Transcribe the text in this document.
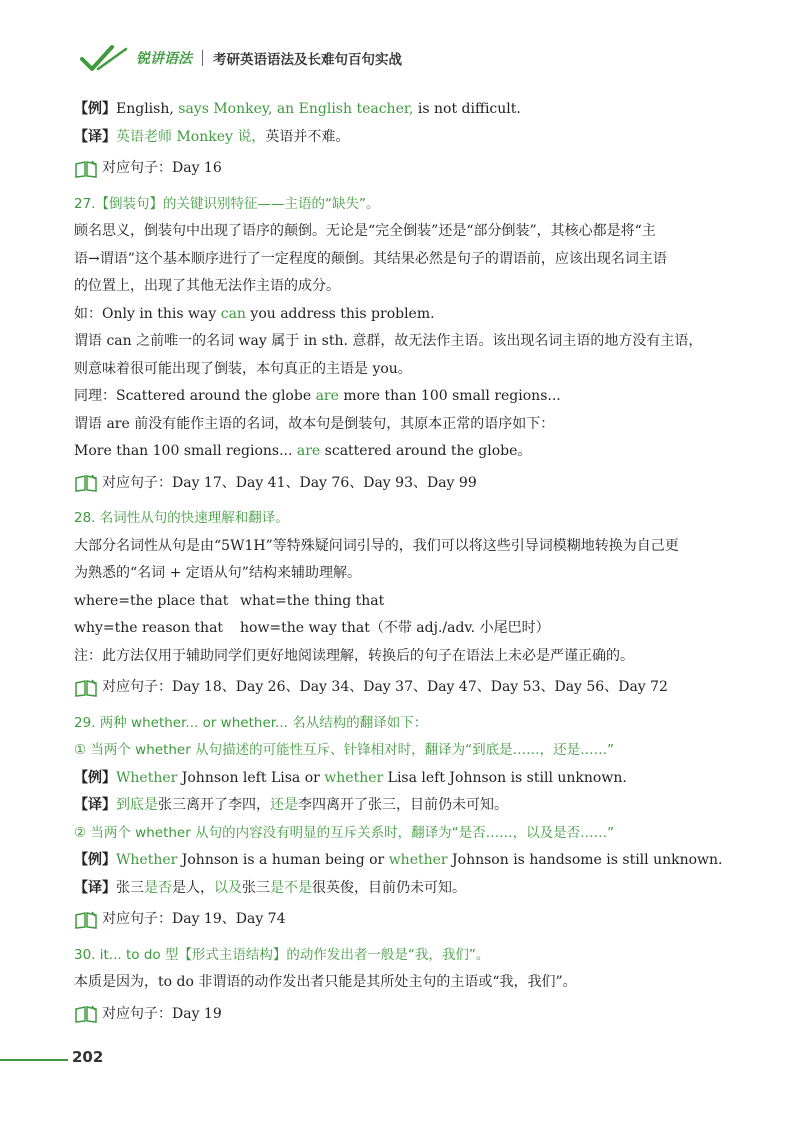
锐讲语法 考研英语语法及长难句百句实战
【例】English, says Monkey, an English teacher, is not difficult.
【译】英语老师 Monkey 说，英语并不难。
对应句子： Day 16
27.【倒装句】的关键识别特征——主语的“缺失”。
顾名思义，倒装句中出现了语序的颠倒。无论是“完全倒装”还是“部分倒装”，其核心都是将“主
语→谓语”这个基本顺序进行了一定程度的颠倒。其结果必然是句子的谓语前，应该出现名词主语
的位置上，出现了其他无法作主语的成分。
如：Only in this way can you address this problem.
谓语 can 之前唯一的名词 way 属于 in sth. 意群，故无法作主语。该出现名词主语的地方没有主语，
则意味着很可能出现了倒装，本句真正的主语是 you。
同理：Scattered around the globe are more than 100 small regions...
谓语 are 前没有能作主语的名词，故本句是倒装句，其原本正常的语序如下：
More than 100 small regions... are scattered around the globe。
对应句子： Day 17、Day 41、Day 76、Day 93、Day 99
28. 名词性从句的快速理解和翻译。
大部分名词性从句是由“5W1H”等特殊疑问词引导的，我们可以将这些引导词模糊地转换为自己更
为熟悉的“名词 + 定语从句”结构来辅助理解。
where=the place that what=the thing that
why=the reason that how=the way that（不带 adj./adv. 小尾巴时）
注：此方法仅用于辅助同学们更好地阅读理解，转换后的句子在语法上未必是严谨正确的。
对应句子： Day 18、Day 26、Day 34、Day 37、Day 47、Day 53、Day 56、Day 72
29. 两种 whether... or whether... 名从结构的翻译如下：
① 当两个 whether 从句描述的可能性互斥、针锋相对时，翻译为“到底是……，还是……”
【例】Whether Johnson left Lisa or whether Lisa left Johnson is still unknown.
【译】到底是张三离开了李四，还是李四离开了张三，目前仍未可知。
② 当两个 whether 从句的内容没有明显的互斥关系时，翻译为“是否……，以及是否……”
【例】Whether Johnson is a human being or whether Johnson is handsome is still unknown.
【译】张三是否是人，以及张三是不是很英俊，目前仍未可知。
对应句子： Day 19、Day 74
30. it... to do 型【形式主语结构】的动作发出者一般是“我，我们”。
本质是因为，to do 非谓语的动作发出者只能是其所处主句的主语或“我，我们”。
对应句子： Day 19
202
